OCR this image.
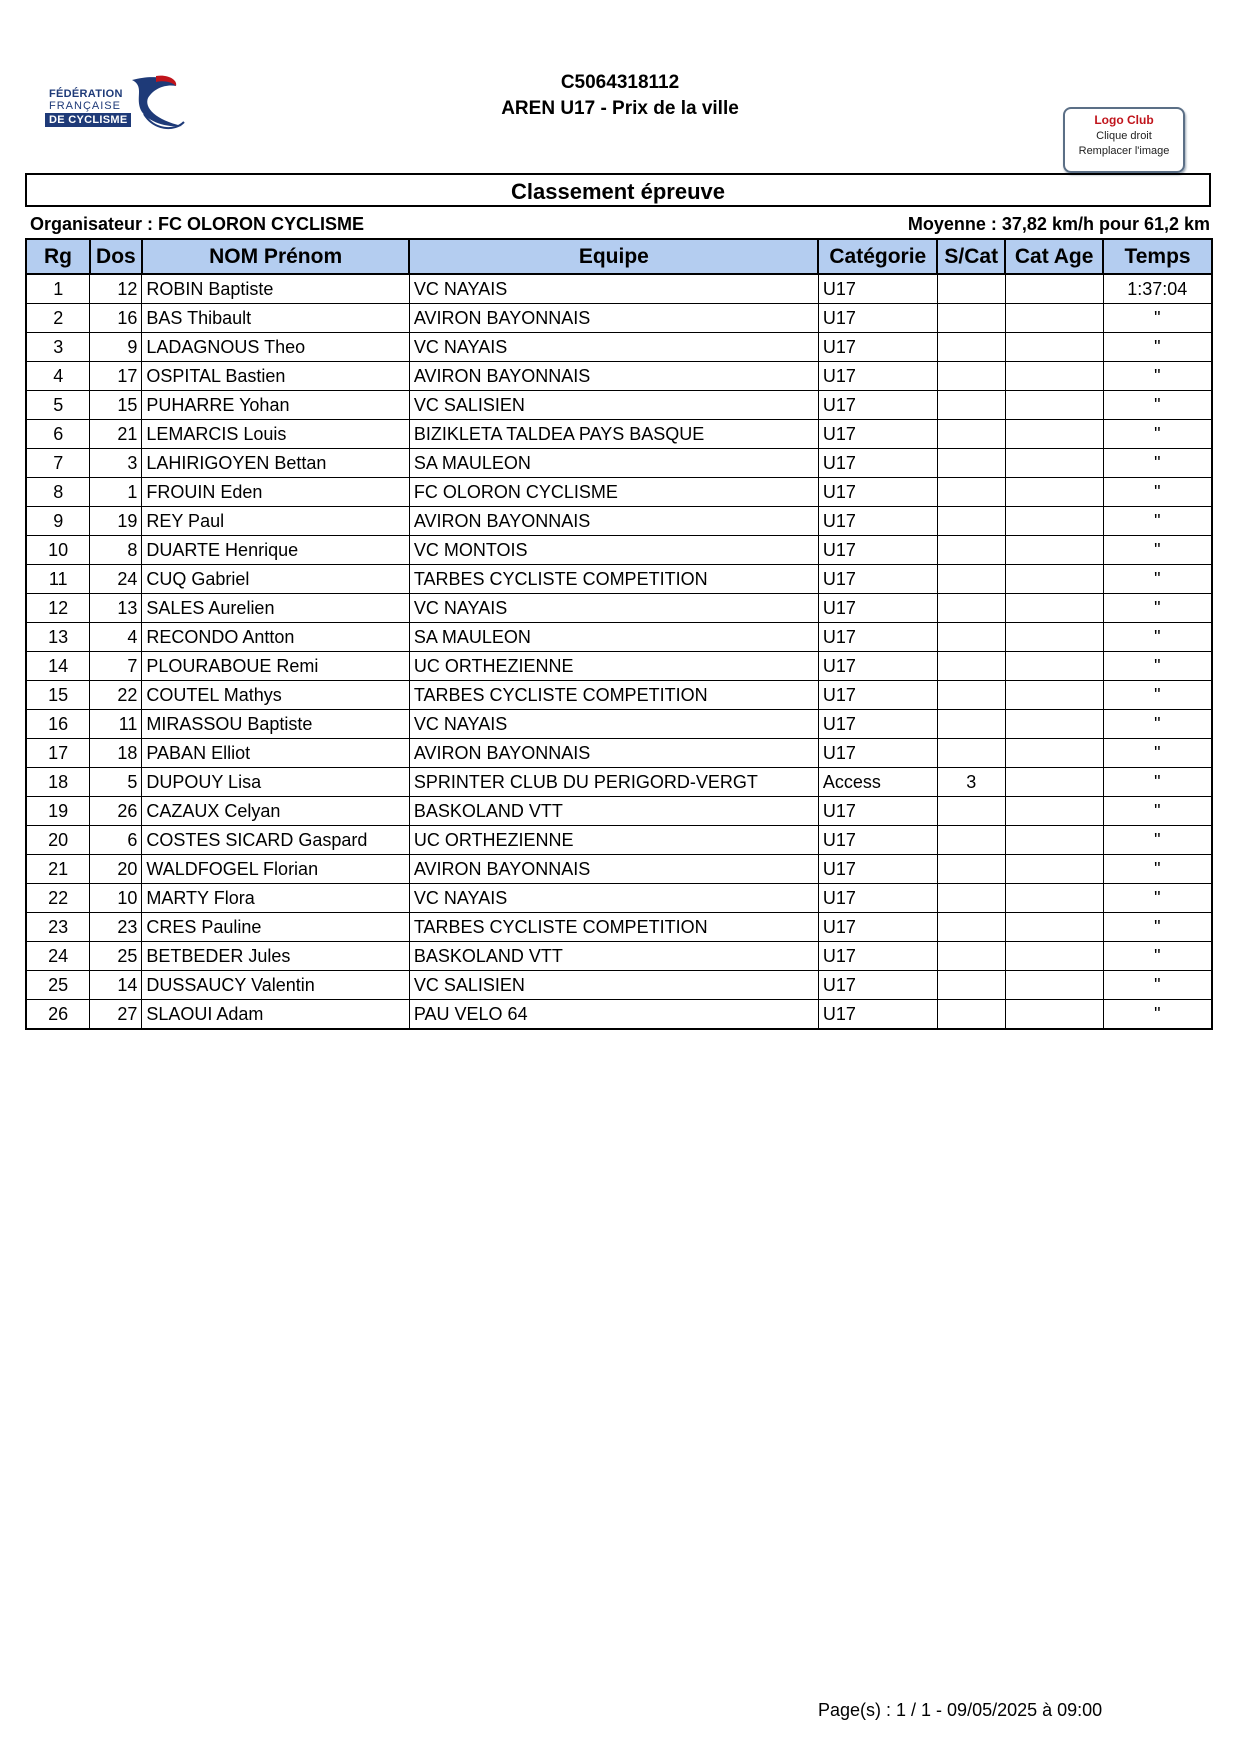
FÉDÉRATION
FRANÇAISE
DE CYCLISME
C5064318112
AREN U17 - Prix de la ville
Logo Club
Clique droit
Remplacer l'image
Classement épreuve
Organisateur : FC OLORON CYCLISME	Moyenne : 37,82 km/h pour 61,2 km
Rg	Dos	NOM Prénom	Equipe	Catégorie	S/Cat	Cat Age	Temps
1	12	ROBIN Baptiste	VC NAYAIS	U17			1:37:04
2	16	BAS Thibault	AVIRON BAYONNAIS	U17			"
3	9	LADAGNOUS Theo	VC NAYAIS	U17			"
4	17	OSPITAL Bastien	AVIRON BAYONNAIS	U17			"
5	15	PUHARRE Yohan	VC SALISIEN	U17			"
6	21	LEMARCIS Louis	BIZIKLETA TALDEA PAYS BASQUE	U17			"
7	3	LAHIRIGOYEN Bettan	SA MAULEON	U17			"
8	1	FROUIN Eden	FC OLORON CYCLISME	U17			"
9	19	REY Paul	AVIRON BAYONNAIS	U17			"
10	8	DUARTE Henrique	VC MONTOIS	U17			"
11	24	CUQ Gabriel	TARBES CYCLISTE COMPETITION	U17			"
12	13	SALES Aurelien	VC NAYAIS	U17			"
13	4	RECONDO Antton	SA MAULEON	U17			"
14	7	PLOURABOUE Remi	UC ORTHEZIENNE	U17			"
15	22	COUTEL Mathys	TARBES CYCLISTE COMPETITION	U17			"
16	11	MIRASSOU Baptiste	VC NAYAIS	U17			"
17	18	PABAN Elliot	AVIRON BAYONNAIS	U17			"
18	5	DUPOUY Lisa	SPRINTER CLUB DU PERIGORD-VERGT	Access	3		"
19	26	CAZAUX Celyan	BASKOLAND VTT	U17			"
20	6	COSTES SICARD Gaspard	UC ORTHEZIENNE	U17			"
21	20	WALDFOGEL Florian	AVIRON BAYONNAIS	U17			"
22	10	MARTY Flora	VC NAYAIS	U17			"
23	23	CRES Pauline	TARBES CYCLISTE COMPETITION	U17			"
24	25	BETBEDER Jules	BASKOLAND VTT	U17			"
25	14	DUSSAUCY Valentin	VC SALISIEN	U17			"
26	27	SLAOUI Adam	PAU VELO 64	U17			"
Page(s) : 1 / 1 - 09/05/2025 à 09:00
